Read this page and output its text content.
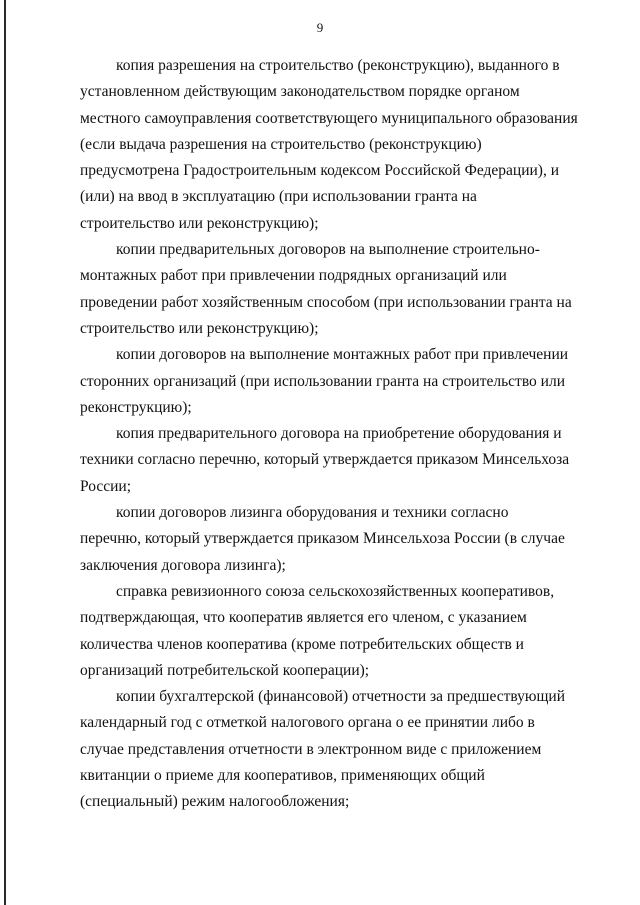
9

копия разрешения на строительство (реконструкцию), выданного в
установленном действующим законодательством порядке органом
местного самоуправления соответствующего муниципального образования
(если выдача разрешения на строительство (реконструкцию)
предусмотрена Градостроительным кодексом Российской Федерации), и
(или) на ввод в эксплуатацию (при использовании гранта на
строительство или реконструкцию);

копии предварительных договоров на выполнение строительно-
монтажных работ при привлечении подрядных организаций или
проведении работ хозяйственным способом (при использовании гранта на
строительство или реконструкцию);

копии договоров на выполнение монтажных работ при привлечении
сторонних организаций (при использовании гранта на строительство или
реконструкцию);

копия предварительного договора на приобретение оборудования и
техники согласно перечню, который утверждается приказом Минсельхоза
России;

копии договоров лизинга оборудования и техники согласно
перечню, который утверждается приказом Минсельхоза России (в случае
заключения договора лизинга);

справка ревизионного союза сельскохозяйственных кооперативов,
подтверждающая, что кооператив является его членом, с указанием
количества членов кооператива (кроме потребительских обществ и
организаций потребительской кооперации);

копии бухгалтерской (финансовой) отчетности за предшествующий
календарный год с отметкой налогового органа о ее принятии либо в
случае представления отчетности в электронном виде с приложением
квитанции о приеме для кооперативов, применяющих общий
(специальный) режим налогообложения;
